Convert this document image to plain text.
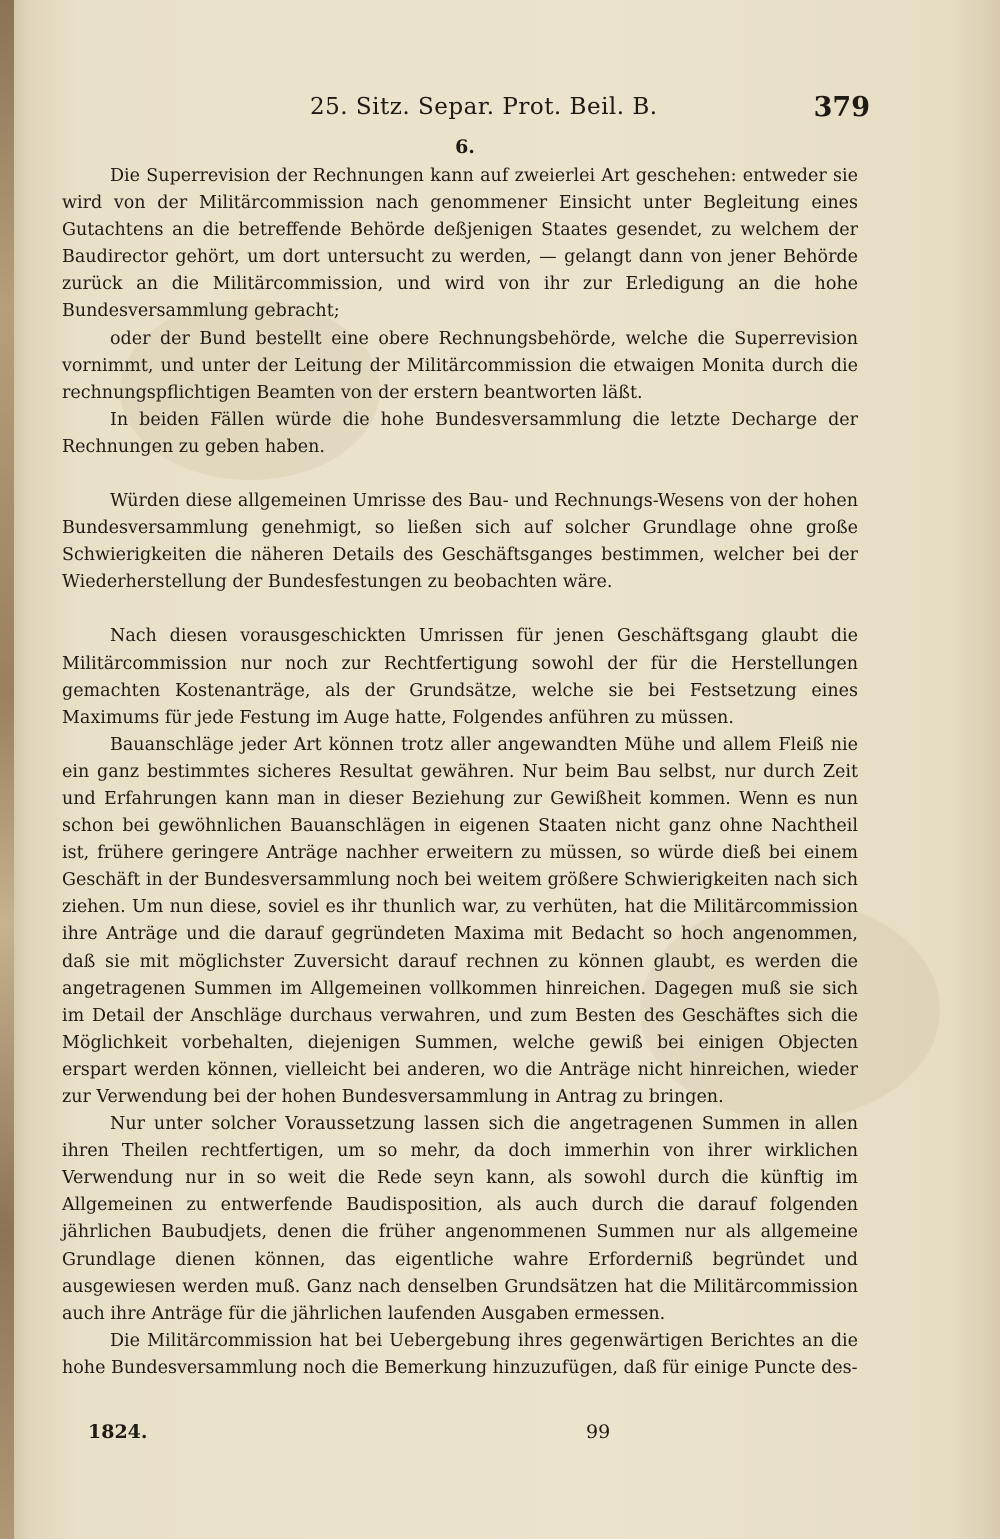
25. Sitz. Separ. Prot. Beil. B.	379
6.

Die Superrevision der Rechnungen kann auf zweierlei Art geschehen: entweder sie wird von der Militärcommission nach genommener Einsicht unter Begleitung eines Gutachtens an die betreffende Behörde deßjenigen Staates gesendet, zu welchem der Baudirector gehört, um dort untersucht zu werden, — gelangt dann von jener Behörde zurück an die Militärcommission, und wird von ihr zur Erledigung an die hohe Bundesversammlung gebracht;

oder der Bund bestellt eine obere Rechnungsbehörde, welche die Superrevision vornimmt, und unter der Leitung der Militärcommission die etwaigen Monita durch die rechnungspflichtigen Beamten von der erstern beantworten läßt.

In beiden Fällen würde die hohe Bundesversammlung die letzte Decharge der Rechnungen zu geben haben.

Würden diese allgemeinen Umrisse des Bau- und Rechnungs-Wesens von der hohen Bundesversammlung genehmigt, so ließen sich auf solcher Grundlage ohne große Schwierigkeiten die näheren Details des Geschäftsganges bestimmen, welcher bei der Wiederherstellung der Bundesfestungen zu beobachten wäre.

Nach diesen vorausgeschickten Umrissen für jenen Geschäftsgang glaubt die Militärcommission nur noch zur Rechtfertigung sowohl der für die Herstellungen gemachten Kostenanträge, als der Grundsätze, welche sie bei Festsetzung eines Maximums für jede Festung im Auge hatte, Folgendes anführen zu müssen.

Bauanschläge jeder Art können trotz aller angewandten Mühe und allem Fleiß nie ein ganz bestimmtes sicheres Resultat gewähren. Nur beim Bau selbst, nur durch Zeit und Erfahrungen kann man in dieser Beziehung zur Gewißheit kommen. Wenn es nun schon bei gewöhnlichen Bauanschlägen in eigenen Staaten nicht ganz ohne Nachtheil ist, frühere geringere Anträge nachher erweitern zu müssen, so würde dieß bei einem Geschäft in der Bundesversammlung noch bei weitem größere Schwierigkeiten nach sich ziehen. Um nun diese, soviel es ihr thunlich war, zu verhüten, hat die Militärcommission ihre Anträge und die darauf gegründeten Maxima mit Bedacht so hoch angenommen, daß sie mit möglichster Zuversicht darauf rechnen zu können glaubt, es werden die angetragenen Summen im Allgemeinen vollkommen hinreichen. Dagegen muß sie sich im Detail der Anschläge durchaus verwahren, und zum Besten des Geschäftes sich die Möglichkeit vorbehalten, diejenigen Summen, welche gewiß bei einigen Objecten erspart werden können, vielleicht bei anderen, wo die Anträge nicht hinreichen, wieder zur Verwendung bei der hohen Bundesversammlung in Antrag zu bringen.

Nur unter solcher Voraussetzung lassen sich die angetragenen Summen in allen ihren Theilen rechtfertigen, um so mehr, da doch immerhin von ihrer wirklichen Verwendung nur in so weit die Rede seyn kann, als sowohl durch die künftig im Allgemeinen zu entwerfende Baudisposition, als auch durch die darauf folgenden jährlichen Baubudjets, denen die früher angenommenen Summen nur als allgemeine Grundlage dienen können, das eigentliche wahre Erforderniß begründet und ausgewiesen werden muß. Ganz nach denselben Grundsätzen hat die Militärcommission auch ihre Anträge für die jährlichen laufenden Ausgaben ermessen.

Die Militärcommission hat bei Uebergebung ihres gegenwärtigen Berichtes an die hohe Bundesversammlung noch die Bemerkung hinzuzufügen, daß für einige Puncte des-

1824.	99
